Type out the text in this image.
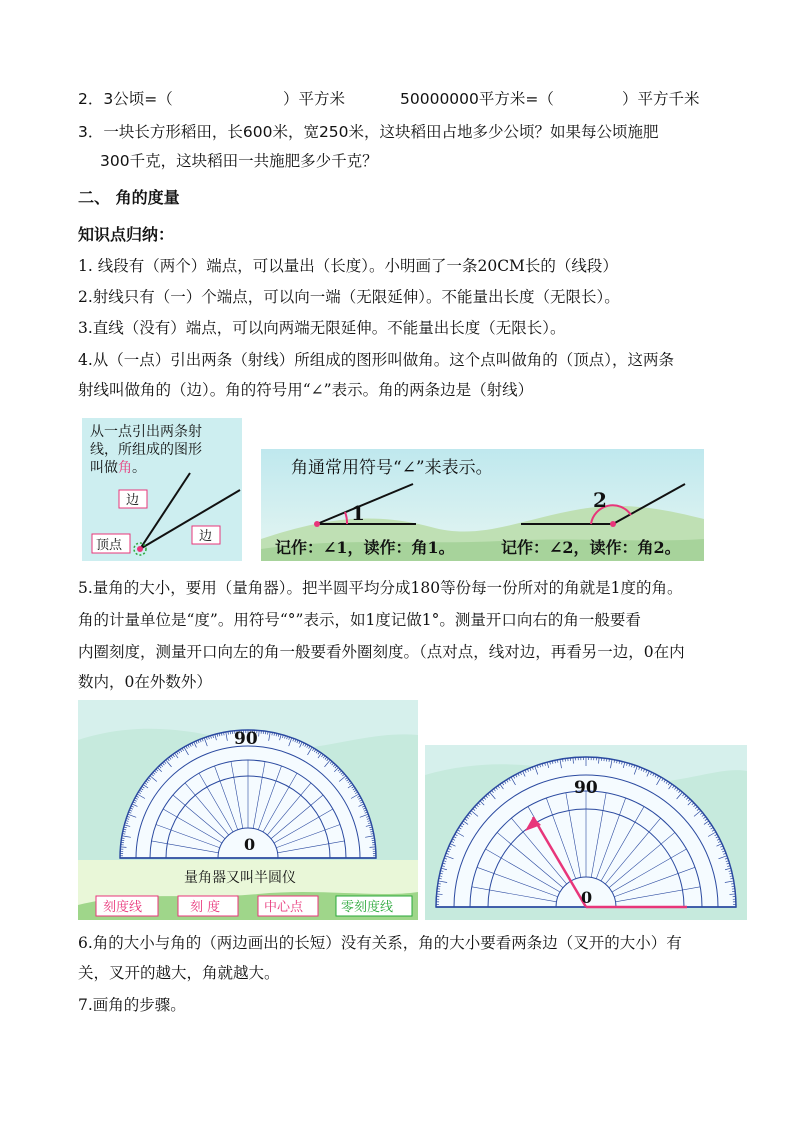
2．3公顷=（	）平方米	50000000平方米=（	）平方千米
3．一块长方形稻田，长600米，宽250米，这块稻田占地多少公顷？如果每公顷施肥
300千克，这块稻田一共施肥多少千克？
二、 角的度量
知识点归纳：
1. 线段有（两个）端点，可以量出（长度）。小明画了一条20CM长的（线段）
2.射线只有（一）个端点，可以向一端（无限延伸）。不能量出长度（无限长）。
3.直线（没有）端点，可以向两端无限延伸。不能量出长度（无限长）。
4.从（一点）引出两条（射线）所组成的图形叫做角。这个点叫做角的（顶点），这两条
射线叫做角的（边）。角的符号用“∠”表示。角的两条边是（射线）
从一点引出两条射
线，所组成的图形
叫做角。
边
边
顶点
角通常用符号“∠”来表示。
1
2
记作：∠1，读作：角1。	记作：∠2，读作：角2。
5.量角的大小，要用（量角器）。把半圆平均分成180等份每一份所对的角就是1度的角。
角的计量单位是“度”。用符号“°”表示，如1度记做1°。测量开口向右的角一般要看
内圈刻度，测量开口向左的角一般要看外圈刻度。（点对点，线对边，再看另一边，0在内
数内，0在外数外）
90
0
量角器又叫半圆仪
刻度线	刻 度	中心点	零刻度线
90
0
6.角的大小与角的（两边画出的长短）没有关系，角的大小要看两条边（叉开的大小）有
关，叉开的越大，角就越大。
7.画角的步骤。
